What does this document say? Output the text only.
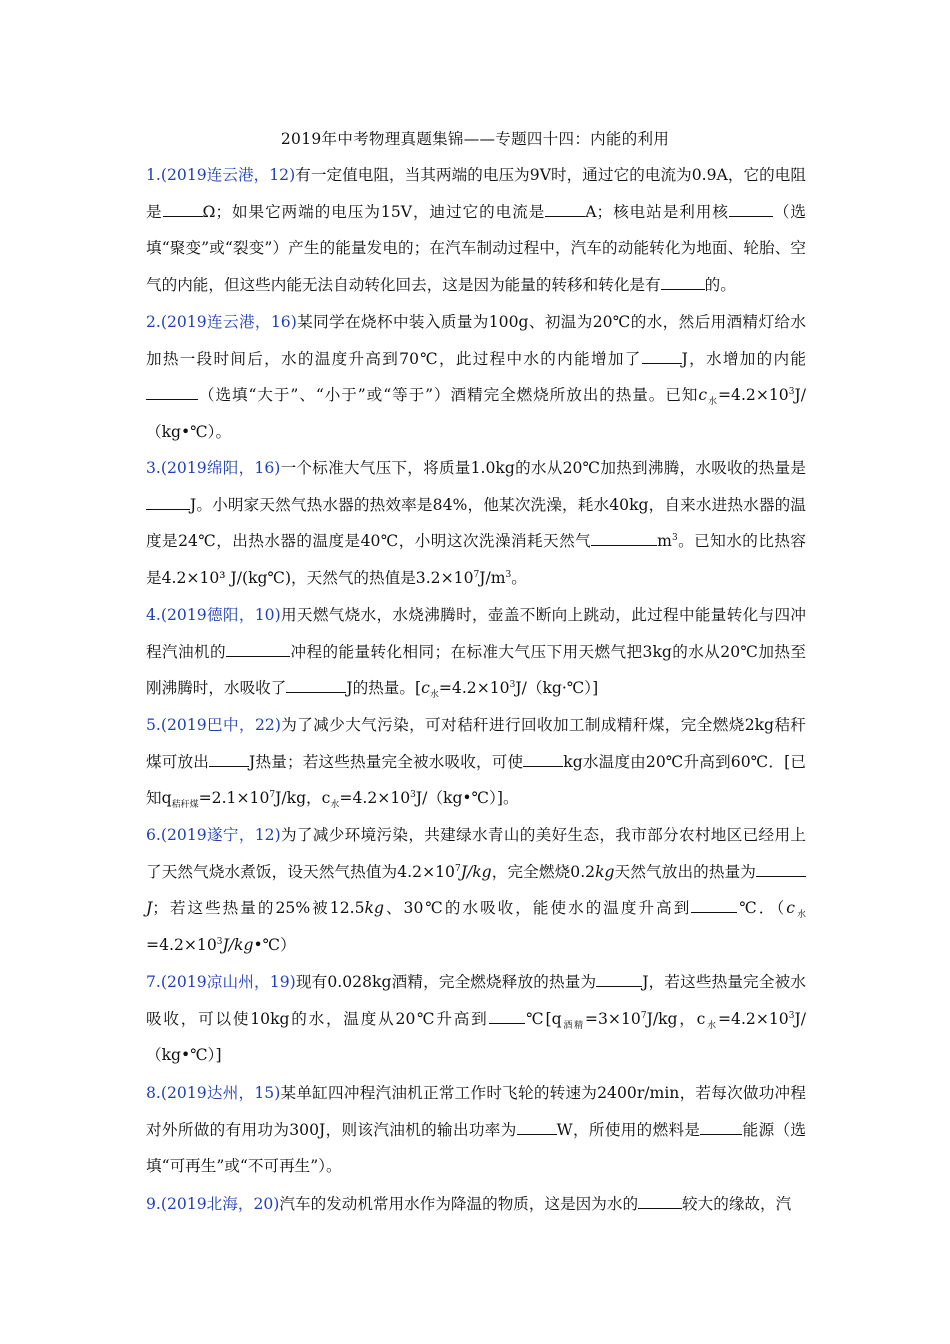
2019年中考物理真题集锦——专题四十四：内能的利用
1.(2019连云港，12)有一定值电阻，当其两端的电压为9V时，通过它的电流为0.9A，它的电阻是	Ω；如果它两端的电压为15V，迪过它的电流是	A；核电站是利用核	（选填“聚变”或“裂变”）产生的能量发电的；在汽车制动过程中，汽车的动能转化为地面、轮胎、空气的内能，但这些内能无法自动转化回去，这是因为能量的转移和转化是有	的。
2.(2019连云港，16)某同学在烧杯中装入质量为100g、初温为20℃的水，然后用酒精灯给水加热一段时间后，水的温度升高到70℃，此过程中水的内能增加了	J，水增加的内能（选填“大于”、“小于”或“等于”）酒精完全燃烧所放出的热量。已知$c_水=4.2\times 10^3J/(kg•℃)$。
3.(2019绵阳，16)一个标准大气压下，将质量1.0kg的水从20℃加热到沸腾，水吸收的热量是J。小明家天然气热水器的热效率是84%，他某次洗澡，耗水40kg，自来水进热水器的温度是24℃，出热水器的温度是40℃，小明这次洗澡消耗天然气	$m^3$。已知水的比热容是4.2×10³ J/(kg℃)，天然气的热值是$3.2\times 10^7J/m^3$。
4.(2019德阳，10)用天燃气烧水，水烧沸腾时，壶盖不断向上跳动，此过程中能量转化与四冲程汽油机的	冲程的能量转化相同；在标准大气压下用天燃气把3kg的水从20℃加热至刚沸腾时，水吸收了	J的热量。$[c_水=4.2\times 10^3J/(kg\cdot℃)]$
5.(2019巴中，22)为了减少大气污染，可对秸秆进行回收加工制成精秆煤，完全燃烧2kg秸秆煤可放出	J热量；若这些热量完全被水吸收，可使	kg水温度由20℃升高到60℃．[已知$q_{秸秆煤}=2.1\times 10^7J/kg$，$c_水=4.2\times 10^3J/(kg•℃)$]。
6.(2019遂宁，12)为了减少环境污染，共建绿水青山的美好生态，我市部分农村地区已经用上了天然气烧水煮饭，设天然气热值为$4.2\times 10^7J/kg$，完全燃烧0.2kg天然气放出的热量为J；若这些热量的25%被12.5kg、30℃的水吸收，能使水的温度升高到	℃．$(c_水=4.2\times 10^3J/kg•℃)$
7.(2019凉山州，19)现有0.028kg酒精，完全燃烧释放的热量为	J，若这些热量完全被水吸收，可以使10kg的水，温度从20℃升高到 $℃[q_{酒精}=3\times 10^7J/kg$，$c_水=4.2\times 10^3J/(kg•℃)$]
8.(2019达州，15)某单缸四冲程汽油机正常工作时飞轮的转速为2400r/min，若每次做功冲程对外所做的有用功为300J，则该汽油机的输出功率为	W，所使用的燃料是	能源（选填“可再生”或“不可再生”）。
9.(2019北海，20)汽车的发动机常用水作为降温的物质，这是因为水的	较大的缘故，汽
